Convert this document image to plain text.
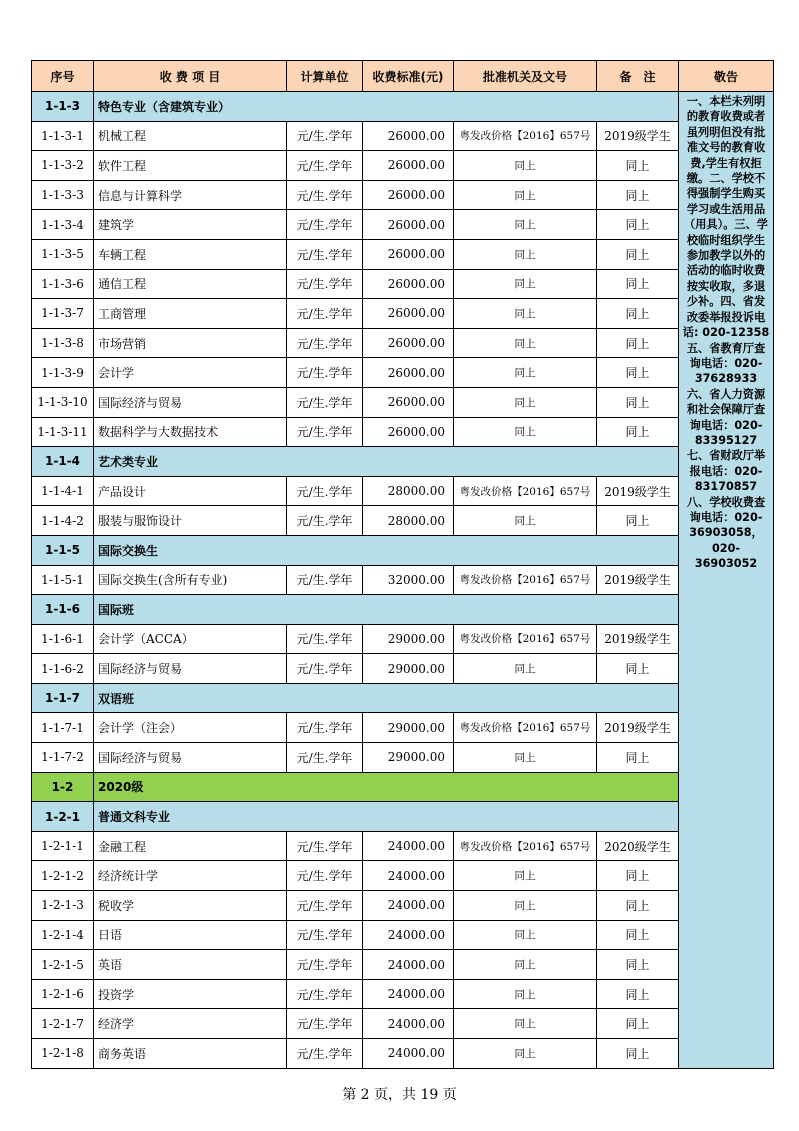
序号	收 费 项 目	计算单位	收费标准(元)	批准机关及文号	备　注	敬告
1-1-3	特色专业（含建筑专业）					一、本栏未列明的教育收费或者虽列明但没有批准文号的教育收费,学生有权拒缴。二、学校不得强制学生购买学习或生活用品（用具）。三、学校临时组织学生参加教学以外的活动的临时收费按实收取，多退少补。四、省发改委举报投诉电话: 020-12358 五、省教育厅查询电话：020-37628933 六、省人力资源和社会保障厅查询电话：020-83395127 七、省财政厅举报电话：020-83170857 八、学校收费查询电话：020-36903058，020-36903052
1-1-3-1	机械工程	元/生.学年	26000.00	粤发改价格【2016】657号	2019级学生	
1-1-3-2	软件工程	元/生.学年	26000.00	同上	同上	
1-1-3-3	信息与计算科学	元/生.学年	26000.00	同上	同上	
1-1-3-4	建筑学	元/生.学年	26000.00	同上	同上	
1-1-3-5	车辆工程	元/生.学年	26000.00	同上	同上	
1-1-3-6	通信工程	元/生.学年	26000.00	同上	同上	
1-1-3-7	工商管理	元/生.学年	26000.00	同上	同上	
1-1-3-8	市场营销	元/生.学年	26000.00	同上	同上	
1-1-3-9	会计学	元/生.学年	26000.00	同上	同上	
1-1-3-10	国际经济与贸易	元/生.学年	26000.00	同上	同上	
1-1-3-11	数据科学与大数据技术	元/生.学年	26000.00	同上	同上	
1-1-4	艺术类专业					
1-1-4-1	产品设计	元/生.学年	28000.00	粤发改价格【2016】657号	2019级学生	
1-1-4-2	服装与服饰设计	元/生.学年	28000.00	同上	同上	
1-1-5	国际交换生					
1-1-5-1	国际交换生(含所有专业)	元/生.学年	32000.00	粤发改价格【2016】657号	2019级学生	
1-1-6	国际班					
1-1-6-1	会计学（ACCA）	元/生.学年	29000.00	粤发改价格【2016】657号	2019级学生	
1-1-6-2	国际经济与贸易	元/生.学年	29000.00	同上	同上	
1-1-7	双语班					
1-1-7-1	会计学（注会）	元/生.学年	29000.00	粤发改价格【2016】657号	2019级学生	
1-1-7-2	国际经济与贸易	元/生.学年	29000.00	同上	同上	
1-2	2020级					
1-2-1	普通文科专业					
1-2-1-1	金融工程	元/生.学年	24000.00	粤发改价格【2016】657号	2020级学生	
1-2-1-2	经济统计学	元/生.学年	24000.00	同上	同上	
1-2-1-3	税收学	元/生.学年	24000.00	同上	同上	
1-2-1-4	日语	元/生.学年	24000.00	同上	同上	
1-2-1-5	英语	元/生.学年	24000.00	同上	同上	
1-2-1-6	投资学	元/生.学年	24000.00	同上	同上	
1-2-1-7	经济学	元/生.学年	24000.00	同上	同上	
1-2-1-8	商务英语	元/生.学年	24000.00	同上	同上	

第 2 页，共 19 页
